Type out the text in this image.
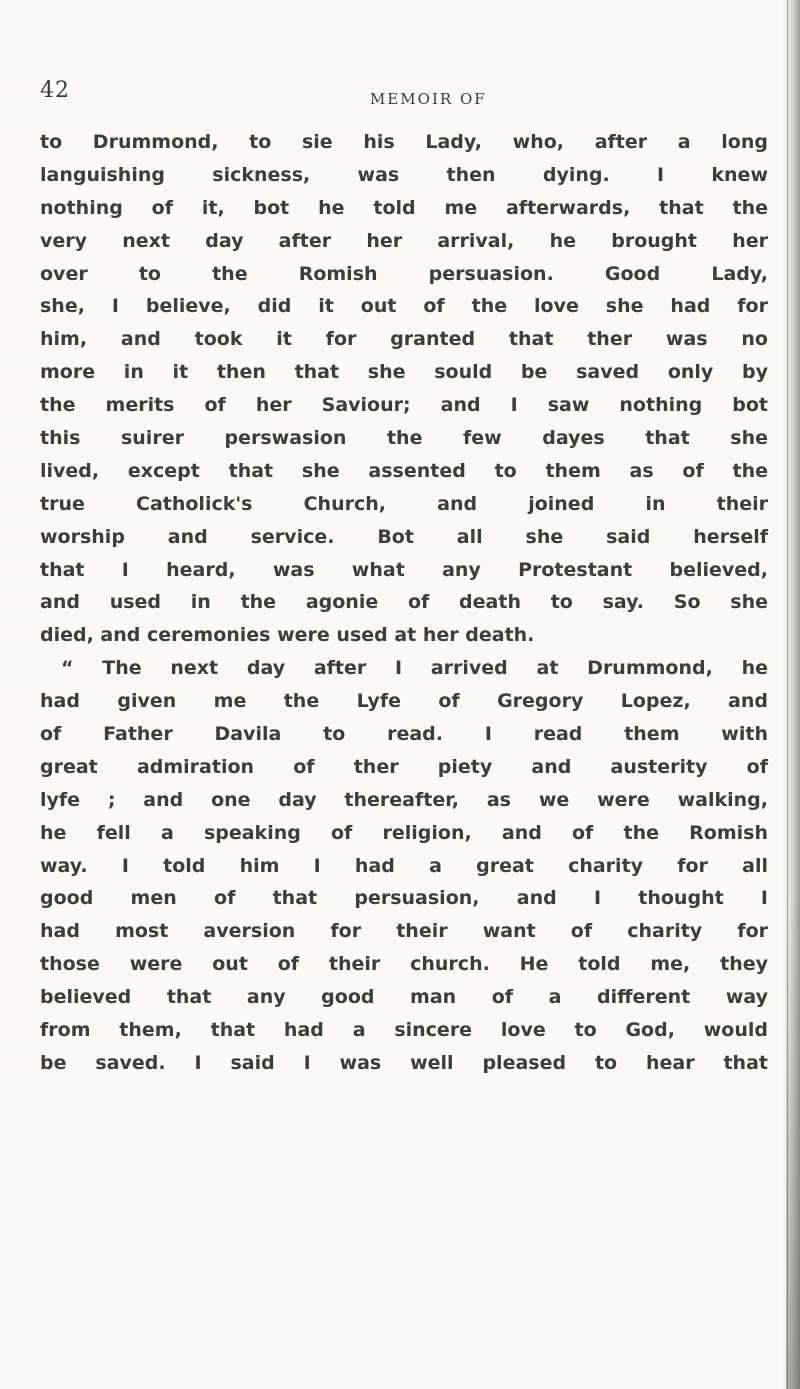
42	MEMOIR OF
to Drummond, to sie his Lady, who, after a long
languishing sickness, was then dying. I knew
nothing of it, bot he told me afterwards, that the
very next day after her arrival, he brought her
over to the Romish persuasion. Good Lady,
she, I believe, did it out of the love she had for
him, and took it for granted that ther was no
more in it then that she sould be saved only by
the merits of her Saviour; and I saw nothing bot
this suirer perswasion the few dayes that she
lived, except that she assented to them as of the
true Catholick's Church, and joined in their
worship and service. Bot all she said herself
that I heard, was what any Protestant believed,
and used in the agonie of death to say. So she
died, and ceremonies were used at her death.
“ The next day after I arrived at Drummond, he
had given me the Lyfe of Gregory Lopez, and
of Father Davila to read. I read them with
great admiration of ther piety and austerity of
lyfe ; and one day thereafter, as we were walking,
he fell a speaking of religion, and of the Romish
way. I told him I had a great charity for all
good men of that persuasion, and I thought I
had most aversion for their want of charity for
those were out of their church. He told me, they
believed that any good man of a different way
from them, that had a sincere love to God, would
be saved. I said I was well pleased to hear that
